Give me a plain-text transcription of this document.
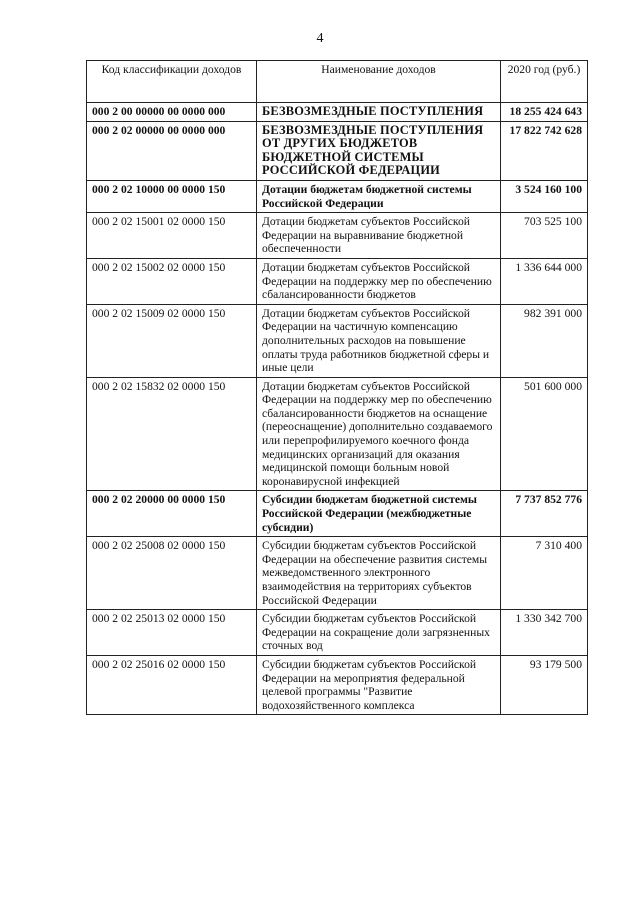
4
Код классификации доходов	Наименование доходов	2020 год (руб.)
000 2 00 00000 00 0000 000	БЕЗВОЗМЕЗДНЫЕ ПОСТУПЛЕНИЯ	18 255 424 643
000 2 02 00000 00 0000 000	БЕЗВОЗМЕЗДНЫЕ ПОСТУПЛЕНИЯ ОТ ДРУГИХ БЮДЖЕТОВ БЮДЖЕТНОЙ СИСТЕМЫ РОССИЙСКОЙ ФЕДЕРАЦИИ	17 822 742 628
000 2 02 10000 00 0000 150	Дотации бюджетам бюджетной системы Российской Федерации	3 524 160 100
000 2 02 15001 02 0000 150	Дотации бюджетам субъектов Российской Федерации на выравнивание бюджетной обеспеченности	703 525 100
000 2 02 15002 02 0000 150	Дотации бюджетам субъектов Российской Федерации на поддержку мер по обеспечению сбалансированности бюджетов	1 336 644 000
000 2 02 15009 02 0000 150	Дотации бюджетам субъектов Российской Федерации на частичную компенсацию дополнительных расходов на повышение оплаты труда работников бюджетной сферы и иные цели	982 391 000
000 2 02 15832 02 0000 150	Дотации бюджетам субъектов Российской Федерации на поддержку мер по обеспечению сбалансированности бюджетов на оснащение (переоснащение) дополнительно создаваемого или перепрофилируемого коечного фонда медицинских организаций для оказания медицинской помощи больным новой коронавирусной инфекцией	501 600 000
000 2 02 20000 00 0000 150	Субсидии бюджетам бюджетной системы Российской Федерации (межбюджетные субсидии)	7 737 852 776
000 2 02 25008 02 0000 150	Субсидии бюджетам субъектов Российской Федерации на обеспечение развития системы межведомственного электронного взаимодействия на территориях субъектов Российской Федерации	7 310 400
000 2 02 25013 02 0000 150	Субсидии бюджетам субъектов Российской Федерации на сокращение доли загрязненных сточных вод	1 330 342 700
000 2 02 25016 02 0000 150	Субсидии бюджетам субъектов Российской Федерации на мероприятия федеральной целевой программы "Развитие водохозяйственного комплекса	93 179 500
